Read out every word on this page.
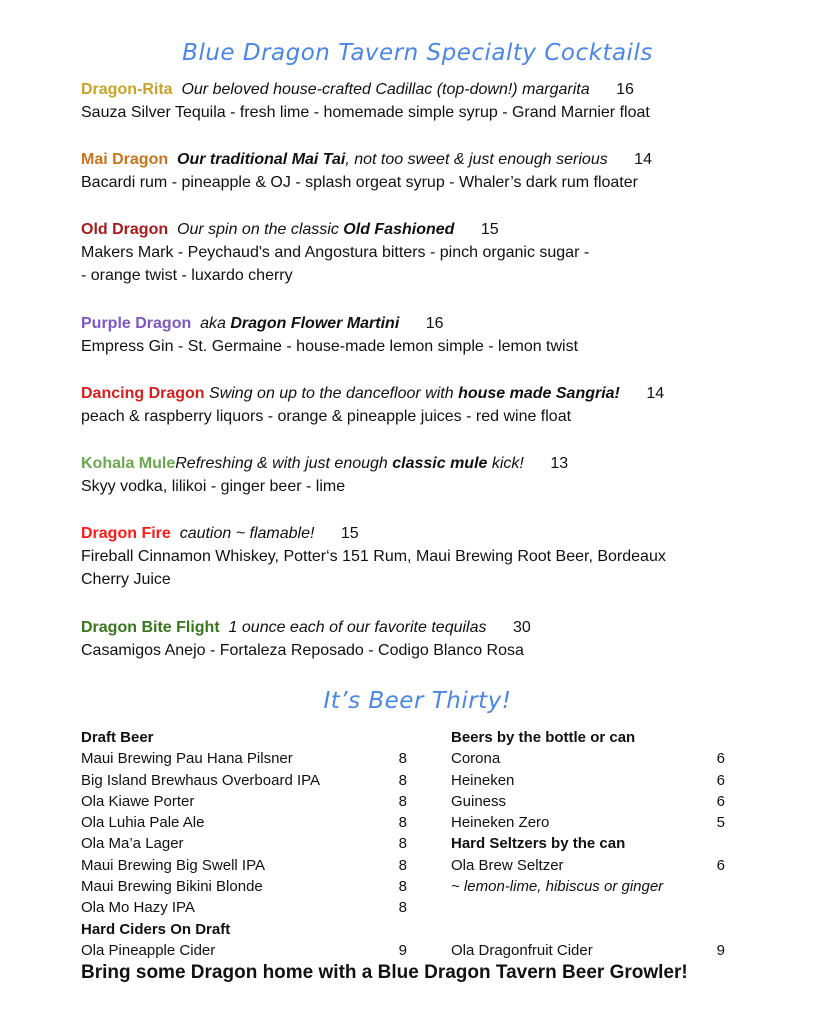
Blue Dragon Tavern Specialty Cocktails
Dragon-Rita Our beloved house-crafted Cadillac (top-down!) margarita 16
Sauza Silver Tequila - fresh lime - homemade simple syrup - Grand Marnier float
Mai Dragon Our traditional Mai Tai, not too sweet & just enough serious 14
Bacardi rum - pineapple & OJ - splash orgeat syrup - Whaler’s dark rum floater
Old Dragon Our spin on the classic Old Fashioned 15
Makers Mark - Peychaud's and Angostura bitters - pinch organic sugar -
- orange twist - luxardo cherry
Purple Dragon aka Dragon Flower Martini 16
Empress Gin - St. Germaine - house-made lemon simple - lemon twist
Dancing Dragon Swing on up to the dancefloor with house made Sangria! 14
peach & raspberry liquors - orange & pineapple juices - red wine float
Kohala MuleRefreshing & with just enough classic mule kick! 13
Skyy vodka, lilikoi - ginger beer - lime
Dragon Fire caution ~ flamable! 15
Fireball Cinnamon Whiskey, Potter‘s 151 Rum, Maui Brewing Root Beer, Bordeaux
Cherry Juice
Dragon Bite Flight 1 ounce each of our favorite tequilas 30
Casamigos Anejo - Fortaleza Reposado - Codigo Blanco Rosa
It’s Beer Thirty!
Draft Beer
Maui Brewing Pau Hana Pilsner	8
Big Island Brewhaus Overboard IPA	8
Ola Kiawe Porter	8
Ola Luhia Pale Ale	8
Ola Ma’a Lager	8
Maui Brewing Big Swell IPA	8
Maui Brewing Bikini Blonde	8
Ola Mo Hazy IPA	8
Hard Ciders On Draft
Ola Pineapple Cider	9
Beers by the bottle or can
Corona	6
Heineken	6
Guiness	6
Heineken Zero	5
Hard Seltzers by the can
Ola Brew Seltzer	6
~ lemon-lime, hibiscus or ginger
Ola Dragonfruit Cider	9
Bring some Dragon home with a Blue Dragon Tavern Beer Growler!
